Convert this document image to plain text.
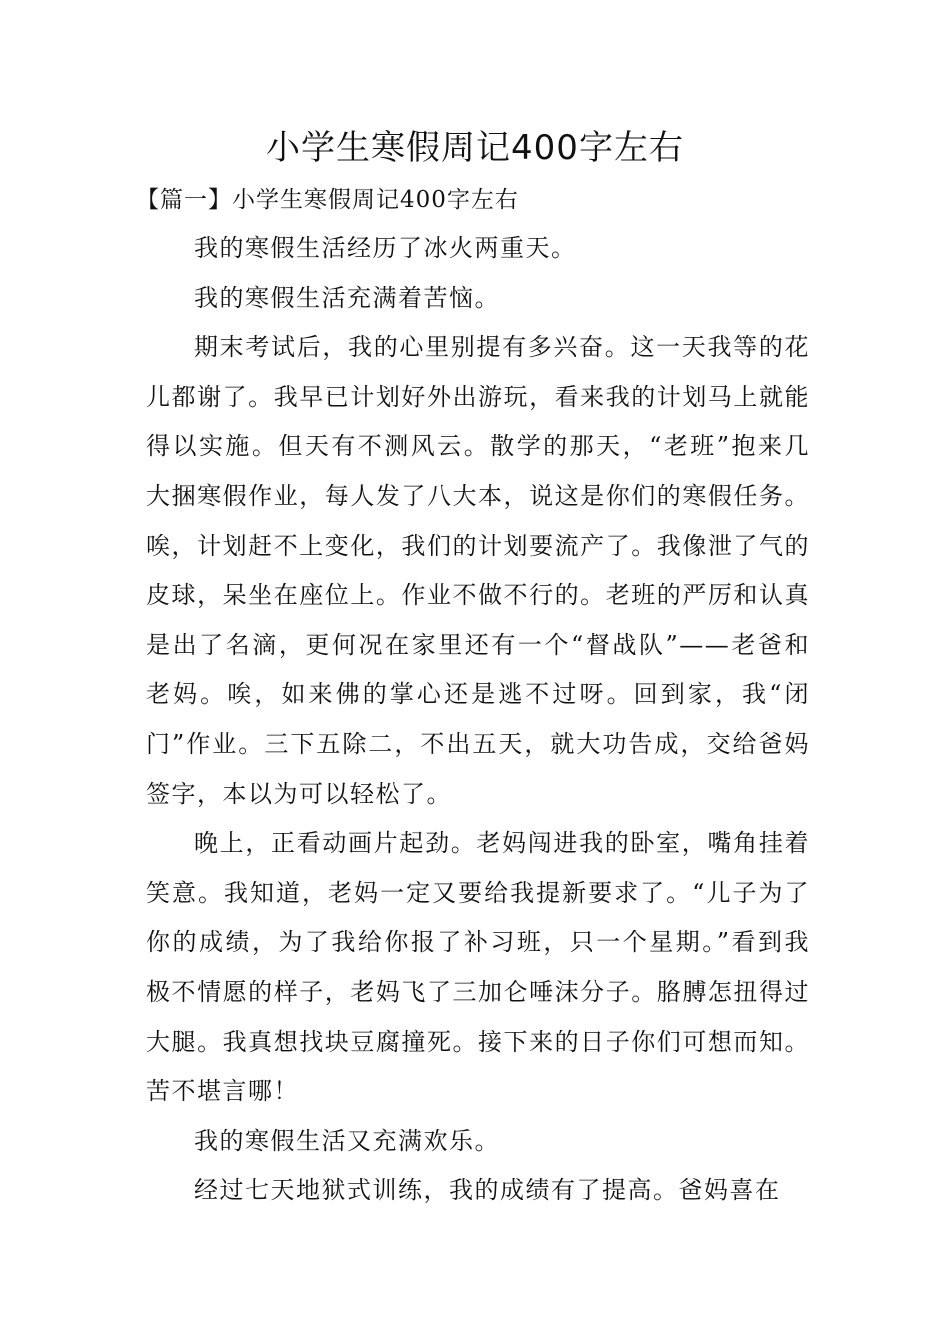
小学生寒假周记400字左右

【篇一】小学生寒假周记400字左右

我的寒假生活经历了冰火两重天。

我的寒假生活充满着苦恼。

期末考试后，我的心里别提有多兴奋。这一天我等的花儿都谢了。我早已计划好外出游玩，看来我的计划马上就能得以实施。但天有不测风云。散学的那天，“老班”抱来几大捆寒假作业，每人发了八大本，说这是你们的寒假任务。唉，计划赶不上变化，我们的计划要流产了。我像泄了气的皮球，呆坐在座位上。作业不做不行的。老班的严厉和认真是出了名滴，更何况在家里还有一个“督战队”——老爸和老妈。唉，如来佛的掌心还是逃不过呀。回到家，我“闭门”作业。三下五除二，不出五天，就大功告成，交给爸妈签字，本以为可以轻松了。

晚上，正看动画片起劲。老妈闯进我的卧室，嘴角挂着笑意。我知道，老妈一定又要给我提新要求了。“儿子为了你的成绩，为了我给你报了补习班，只一个星期。”看到我极不情愿的样子，老妈飞了三加仑唾沫分子。胳膊怎扭得过大腿。我真想找块豆腐撞死。接下来的日子你们可想而知。苦不堪言哪！

我的寒假生活又充满欢乐。

经过七天地狱式训练，我的成绩有了提高。爸妈喜在
